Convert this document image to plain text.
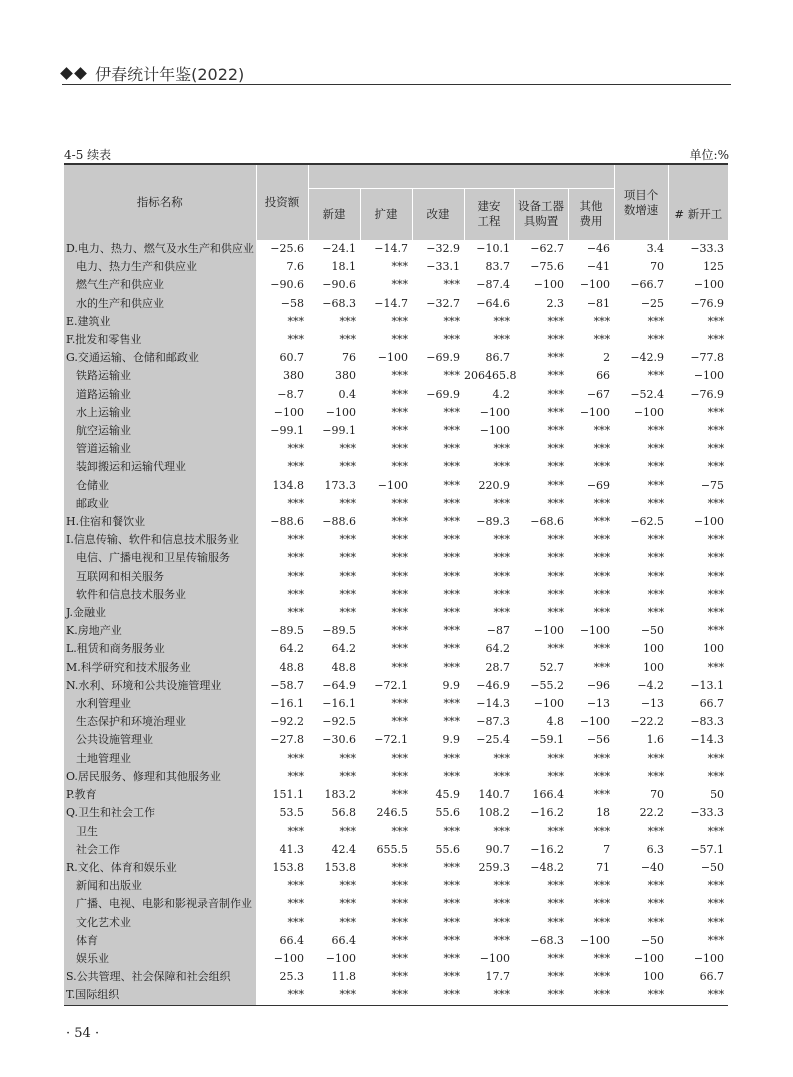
伊春统计年鉴(2022)
4-5 续表	单位:%
指标名称	投资额							项目个数增速	# 新开工
		新建	扩建	改建	建安工程	设备工器具购置	其他费用		
D.电力、热力、燃气及水生产和供应业	−25.6	−24.1	−14.7	−32.9	−10.1	−62.7	−46	3.4	−33.3
电力、热力生产和供应业	7.6	18.1	***	−33.1	83.7	−75.6	−41	70	125
燃气生产和供应业	−90.6	−90.6	***	***	−87.4	−100	−100	−66.7	−100
水的生产和供应业	−58	−68.3	−14.7	−32.7	−64.6	2.3	−81	−25	−76.9
E.建筑业	***	***	***	***	***	***	***	***	***
F.批发和零售业	***	***	***	***	***	***	***	***	***
G.交通运输、仓储和邮政业	60.7	76	−100	−69.9	86.7	***	2	−42.9	−77.8
铁路运输业	380	380	***	***	206465.8	***	66	***	−100
道路运输业	−8.7	0.4	***	−69.9	4.2	***	−67	−52.4	−76.9
水上运输业	−100	−100	***	***	−100	***	−100	−100	***
航空运输业	−99.1	−99.1	***	***	−100	***	***	***	***
管道运输业	***	***	***	***	***	***	***	***	***
装卸搬运和运输代理业	***	***	***	***	***	***	***	***	***
仓储业	134.8	173.3	−100	***	220.9	***	−69	***	−75
邮政业	***	***	***	***	***	***	***	***	***
H.住宿和餐饮业	−88.6	−88.6	***	***	−89.3	−68.6	***	−62.5	−100
I.信息传输、软件和信息技术服务业	***	***	***	***	***	***	***	***	***
电信、广播电视和卫星传输服务	***	***	***	***	***	***	***	***	***
互联网和相关服务	***	***	***	***	***	***	***	***	***
软件和信息技术服务业	***	***	***	***	***	***	***	***	***
J.金融业	***	***	***	***	***	***	***	***	***
K.房地产业	−89.5	−89.5	***	***	−87	−100	−100	−50	***
L.租赁和商务服务业	64.2	64.2	***	***	64.2	***	***	100	100
M.科学研究和技术服务业	48.8	48.8	***	***	28.7	52.7	***	100	***
N.水利、环境和公共设施管理业	−58.7	−64.9	−72.1	9.9	−46.9	−55.2	−96	−4.2	−13.1
水利管理业	−16.1	−16.1	***	***	−14.3	−100	−13	−13	66.7
生态保护和环境治理业	−92.2	−92.5	***	***	−87.3	4.8	−100	−22.2	−83.3
公共设施管理业	−27.8	−30.6	−72.1	9.9	−25.4	−59.1	−56	1.6	−14.3
土地管理业	***	***	***	***	***	***	***	***	***
O.居民服务、修理和其他服务业	***	***	***	***	***	***	***	***	***
P.教育	151.1	183.2	***	45.9	140.7	166.4	***	70	50
Q.卫生和社会工作	53.5	56.8	246.5	55.6	108.2	−16.2	18	22.2	−33.3
卫生	***	***	***	***	***	***	***	***	***
社会工作	41.3	42.4	655.5	55.6	90.7	−16.2	7	6.3	−57.1
R.文化、体育和娱乐业	153.8	153.8	***	***	259.3	−48.2	71	−40	−50
新闻和出版业	***	***	***	***	***	***	***	***	***
广播、电视、电影和影视录音制作业	***	***	***	***	***	***	***	***	***
文化艺术业	***	***	***	***	***	***	***	***	***
体育	66.4	66.4	***	***	***	−68.3	−100	−50	***
娱乐业	−100	−100	***	***	−100	***	***	−100	−100
S.公共管理、社会保障和社会组织	25.3	11.8	***	***	17.7	***	***	100	66.7
T.国际组织	***	***	***	***	***	***	***	***	***
· 54 ·
